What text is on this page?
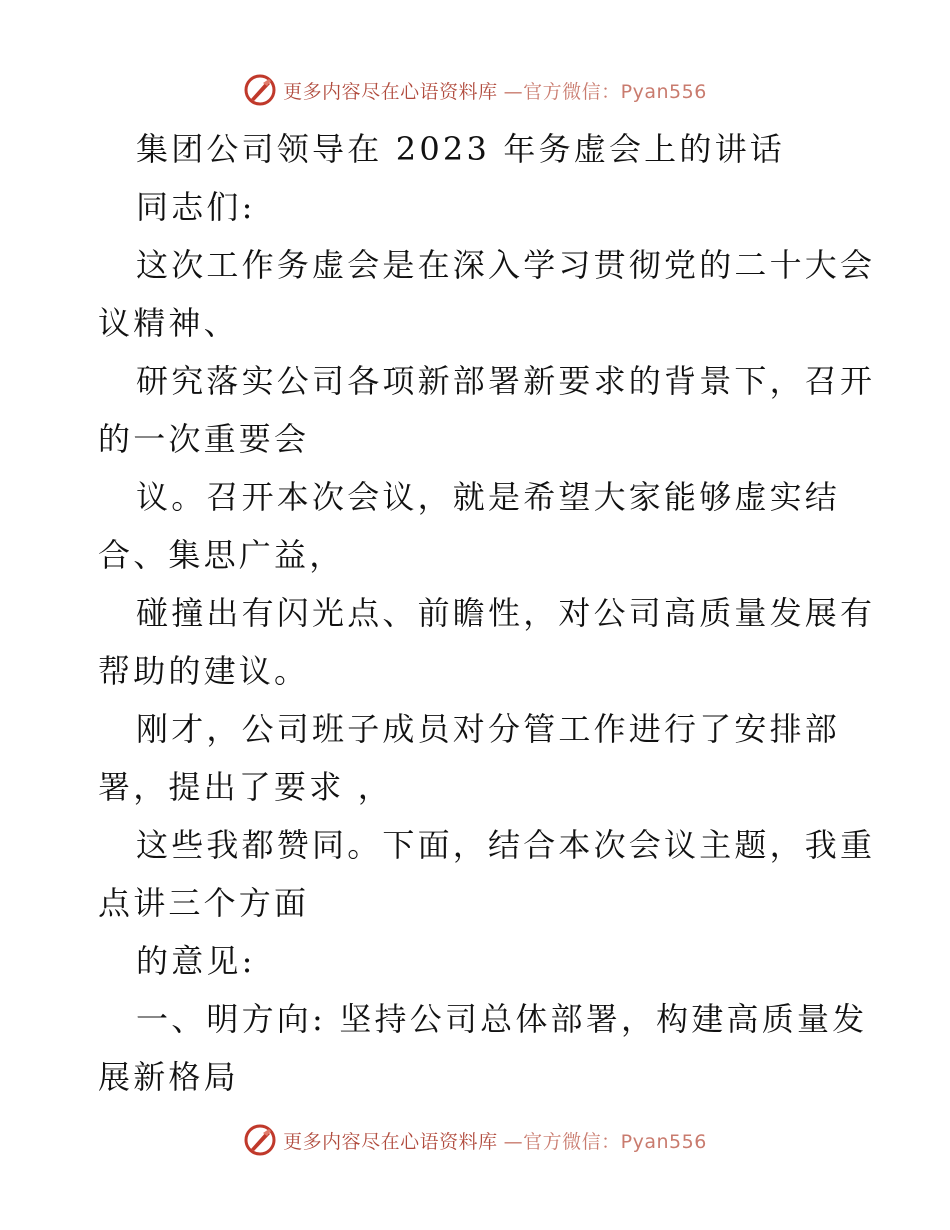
更多内容尽在心语资料库 —官方微信：Pyan556
集团公司领导在 2023 年务虚会上的讲话
同志们:
这次工作务虚会是在深入学习贯彻党的二十大会
议精神、
研究落实公司各项新部署新要求的背景下，召开
的一次重要会
议。召开本次会议，就是希望大家能够虚实结
合、集思广益，
碰撞出有闪光点、前瞻性，对公司高质量发展有
帮助的建议。
刚才，公司班子成员对分管工作进行了安排部
署，提出了要求 ，
这些我都赞同。下面，结合本次会议主题，我重
点讲三个方面
的意见:
一、明方向: 坚持公司总体部署，构建高质量发
展新格局
更多内容尽在心语资料库 —官方微信：Pyan556
